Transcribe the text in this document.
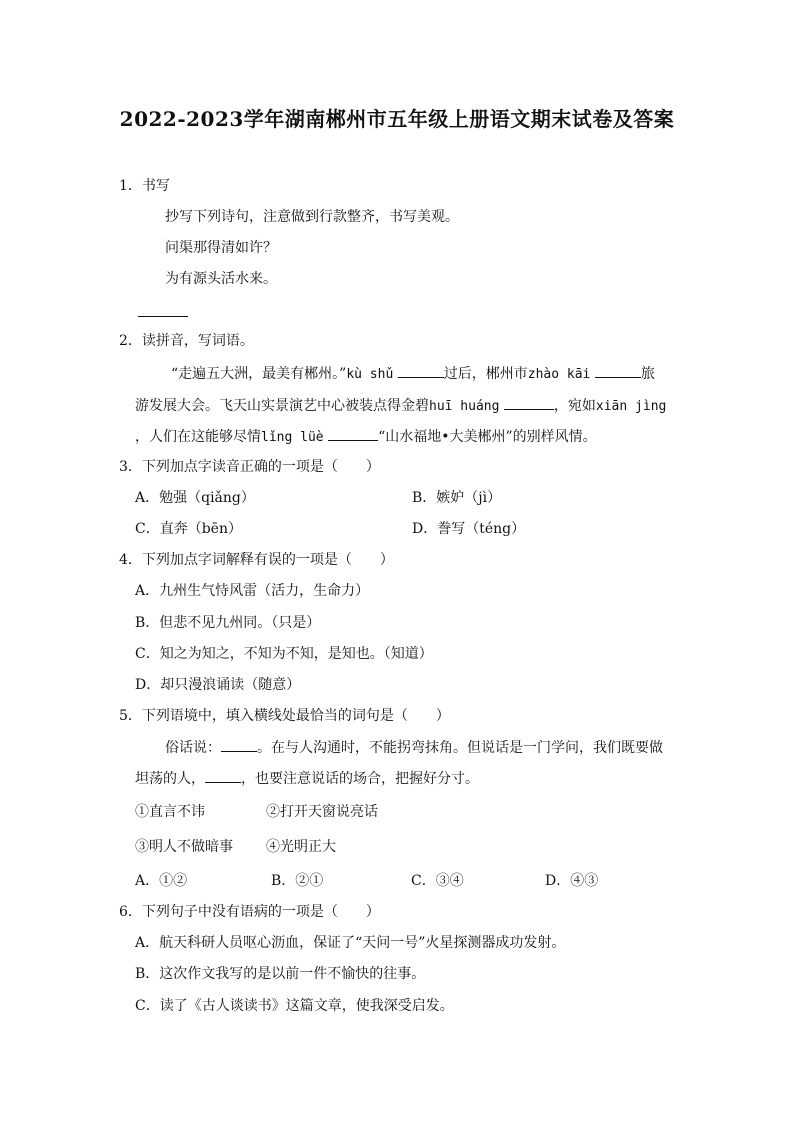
2022-2023学年湖南郴州市五年级上册语文期末试卷及答案
1．书写
抄写下列诗句，注意做到行款整齐，书写美观。
问渠那得清如许？
为有源头活水来。
2．读拼音，写词语。
“走遍五大洲，最美有郴州。”kù shǔ	过后，郴州市zhào kāi	旅
游发展大会。飞天山实景演艺中心被装点得金碧huī huáng	，宛如xiān jìng
，人们在这能够尽情lǐng lüè	“山水福地•大美郴州”的别样风情。
3．下列加点字读音正确的一项是（　　）
A．勉强（qiǎng）	B．嫉妒（jì）
C．直奔（bēn）	D．誊写（téng）
4．下列加点字词解释有误的一项是（　　）
A．九州生气恃风雷（活力，生命力）
B．但悲不见九州同。（只是）
C．知之为知之，不知为不知，是知也。（知道）
D．却只漫浪诵读（随意）
5．下列语境中，填入横线处最恰当的词句是（　　）
俗话说：	。在与人沟通时，不能拐弯抹角。但说话是一门学问，我们既要做
坦荡的人，	，也要注意说话的场合，把握好分寸。
①直言不讳	②打开天窗说亮话
③明人不做暗事 ④光明正大
A．①②	B．②①	C．③④	D．④③
6．下列句子中没有语病的一项是（　　）
A．航天科研人员呕心沥血，保证了“天问一号”火星探测器成功发射。
B．这次作文我写的是以前一件不愉快的往事。
C．读了《古人谈读书》这篇文章，使我深受启发。
